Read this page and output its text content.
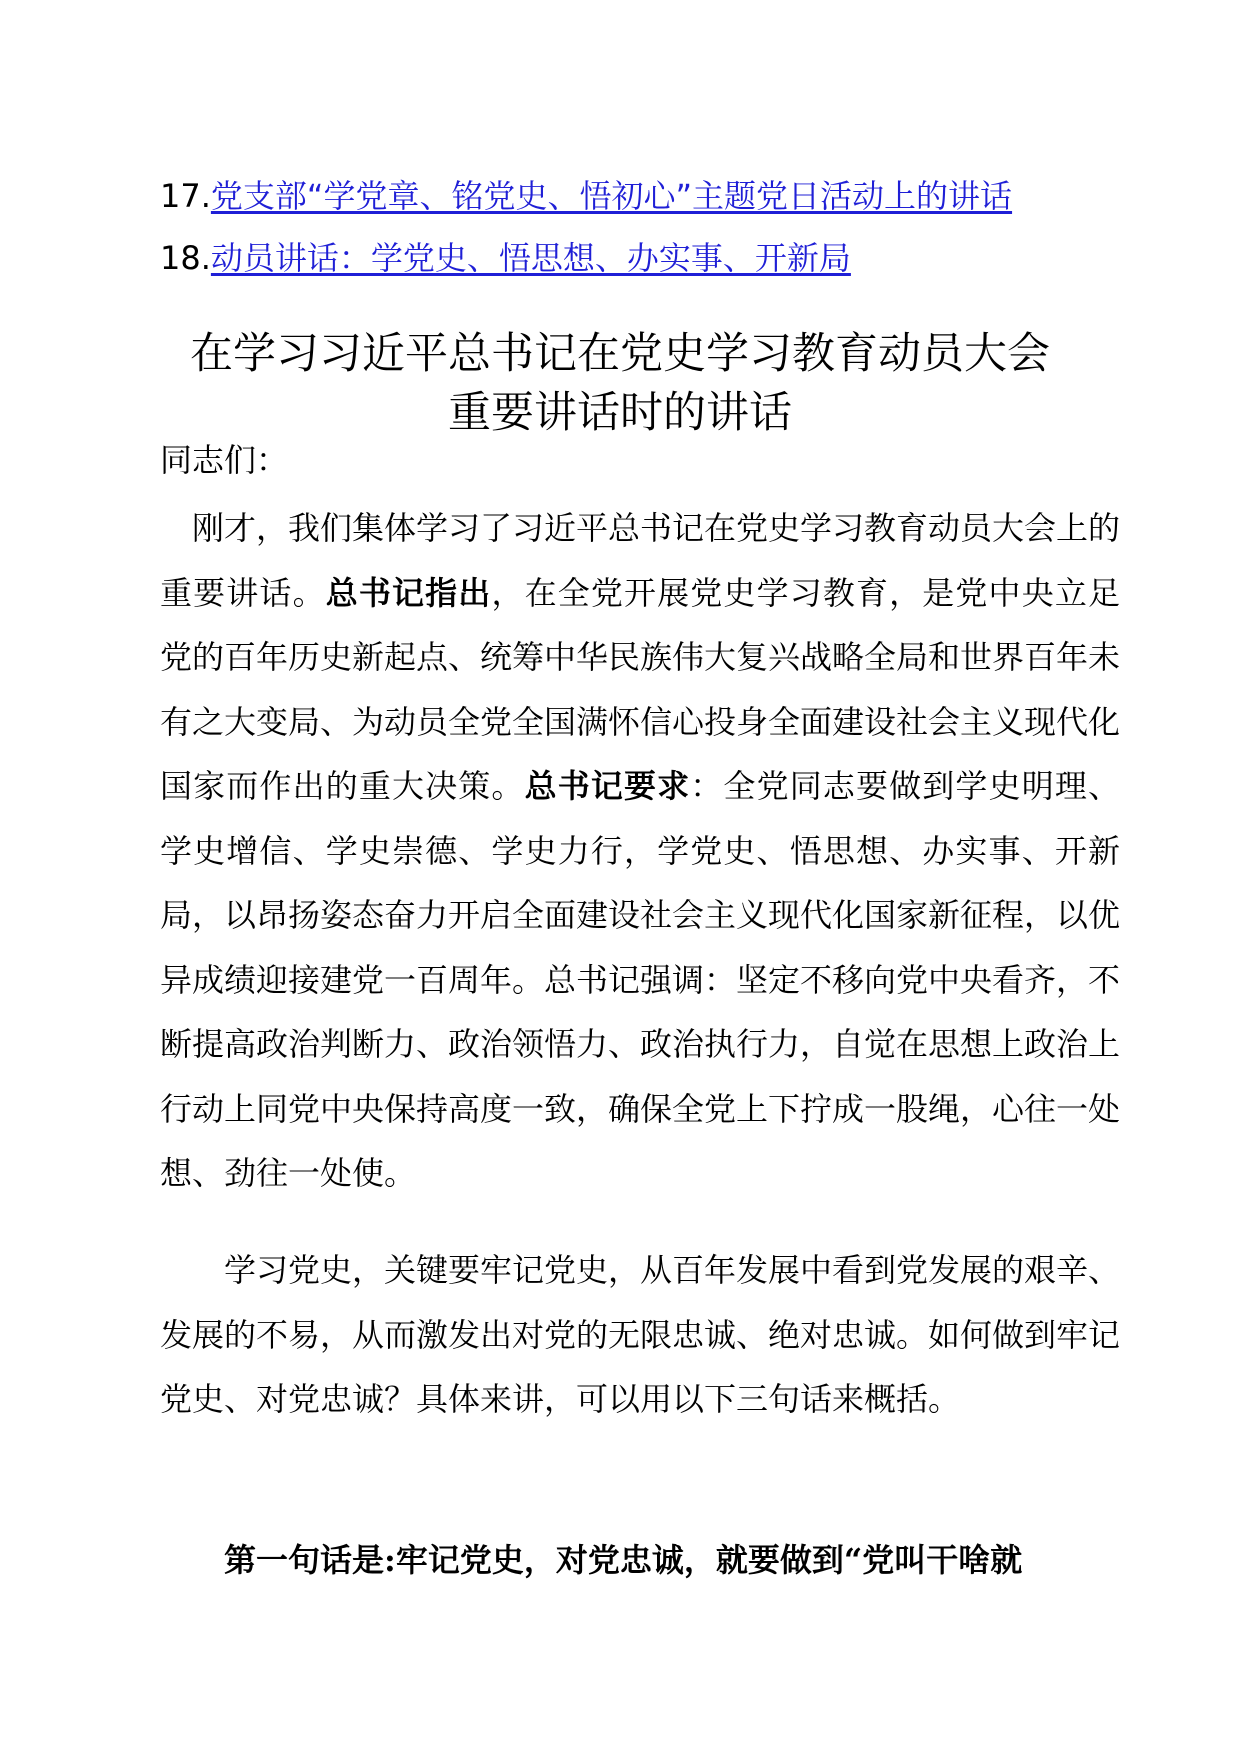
17.党支部“学党章、铭党史、悟初心”主题党日活动上的讲话
18.动员讲话：学党史、悟思想、办实事、开新局
在学习习近平总书记在党史学习教育动员大会
重要讲话时的讲话
同志们：

刚才，我们集体学习了习近平总书记在党史学习教育动员大会上的重要讲话。总书记指出，在全党开展党史学习教育，是党中央立足党的百年历史新起点、统筹中华民族伟大复兴战略全局和世界百年未有之大变局、为动员全党全国满怀信心投身全面建设社会主义现代化国家而作出的重大决策。总书记要求：全党同志要做到学史明理、学史增信、学史崇德、学史力行，学党史、悟思想、办实事、开新局，以昂扬姿态奋力开启全面建设社会主义现代化国家新征程，以优异成绩迎接建党一百周年。总书记强调：坚定不移向党中央看齐，不断提高政治判断力、政治领悟力、政治执行力，自觉在思想上政治上行动上同党中央保持高度一致，确保全党上下拧成一股绳，心往一处想、劲往一处使。

学习党史，关键要牢记党史，从百年发展中看到党发展的艰辛、发展的不易，从而激发出对党的无限忠诚、绝对忠诚。如何做到牢记党史、对党忠诚？具体来讲，可以用以下三句话来概括。

第一句话是:牢记党史，对党忠诚，就要做到“党叫干啥就
